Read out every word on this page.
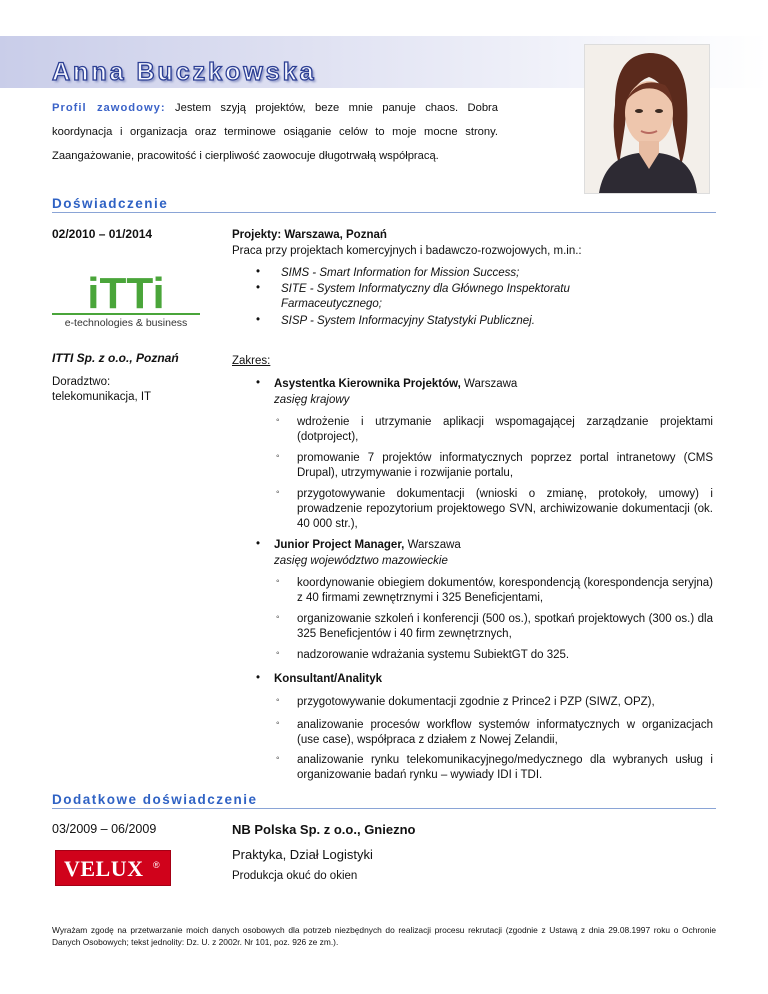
Anna Buczkowska
Profil zawodowy: Jestem szyją projektów, beze mnie panuje chaos. Dobra koordynacja i organizacja oraz terminowe osiąganie celów to moje mocne strony. Zaangażowanie, pracowitość i cierpliwość zaowocuje długotrwałą współpracą.
Doświadczenie
02/2010 – 01/2014
iTTi
e-technologies & business
ITTI Sp. z o.o., Poznań
Doradztwo: telekomunikacja, IT
Projekty: Warszawa, Poznań
Praca przy projektach komercyjnych i badawczo-rozwojowych, m.in.:
• SIMS - Smart Information for Mission Success;
• SITE - System Informatyczny dla Głównego Inspektoratu Farmaceutycznego;
• SISP - System Informacyjny Statystyki Publicznej.
Zakres:
• Asystentka Kierownika Projektów, Warszawa
zasięg krajowy
◦ wdrożenie i utrzymanie aplikacji wspomagającej zarządzanie projektami (dotproject),
◦ promowanie 7 projektów informatycznych poprzez portal intranetowy (CMS Drupal), utrzymywanie i rozwijanie portalu,
◦ przygotowywanie dokumentacji (wnioski o zmianę, protokoły, umowy) i prowadzenie repozytorium projektowego SVN, archiwizowanie dokumentacji (ok. 40 000 str.),
• Junior Project Manager, Warszawa
zasięg województwo mazowieckie
◦ koordynowanie obiegiem dokumentów, korespondencją (korespondencja seryjna) z 40 firmami zewnętrznymi i 325 Beneficjentami,
◦ organizowanie szkoleń i konferencji (500 os.), spotkań projektowych (300 os.) dla 325 Beneficjentów i 40 firm zewnętrznych,
◦ nadzorowanie wdrażania systemu SubiektGT do 325.
• Konsultant/Analityk
◦ przygotowywanie dokumentacji zgodnie z Prince2 i PZP (SIWZ, OPZ),
◦ analizowanie procesów workflow systemów informatycznych w organizacjach (use case), współpraca z działem z Nowej Zelandii,
◦ analizowanie rynku telekomunikacyjnego/medycznego dla wybranych usług i organizowanie badań rynku – wywiady IDI i TDI.
Dodatkowe doświadczenie
03/2009 – 06/2009	NB Polska Sp. z o.o., Gniezno
VELUX ®
Praktyka, Dział Logistyki
Produkcja okuć do okien
Wyrażam zgodę na przetwarzanie moich danych osobowych dla potrzeb niezbędnych do realizacji procesu rekrutacji (zgodnie z Ustawą z dnia 29.08.1997 roku o Ochronie Danych Osobowych; tekst jednolity: Dz. U. z 2002r. Nr 101, poz. 926 ze zm.).
